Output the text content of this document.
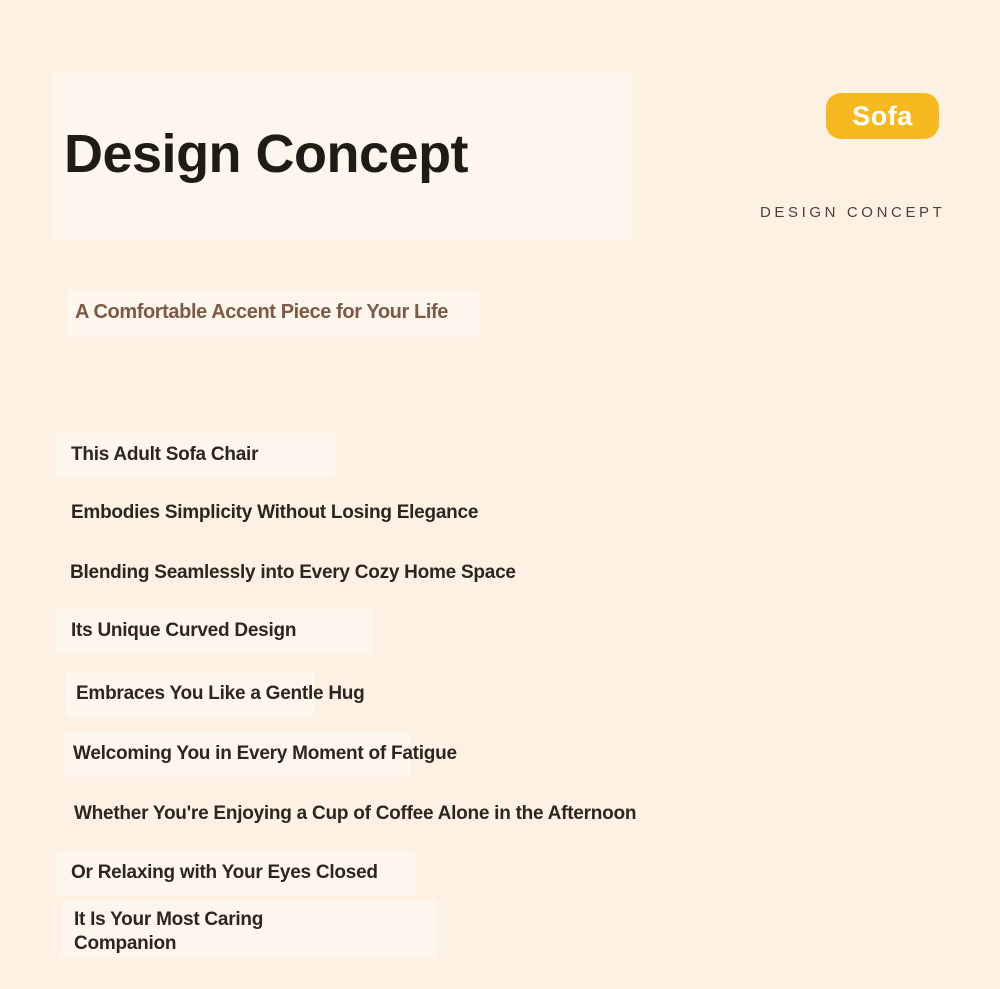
Design Concept
Sofa
DESIGN CONCEPT
A Comfortable Accent Piece for Your Life

This Adult Sofa Chair

Embodies Simplicity Without Losing Elegance

Blending Seamlessly into Every Cozy Home Space

Its Unique Curved Design

Embraces You Like a Gentle Hug

Welcoming You in Every Moment of Fatigue

Whether You're Enjoying a Cup of Coffee Alone in the Afternoon

Or Relaxing with Your Eyes Closed

It Is Your Most Caring Companion
